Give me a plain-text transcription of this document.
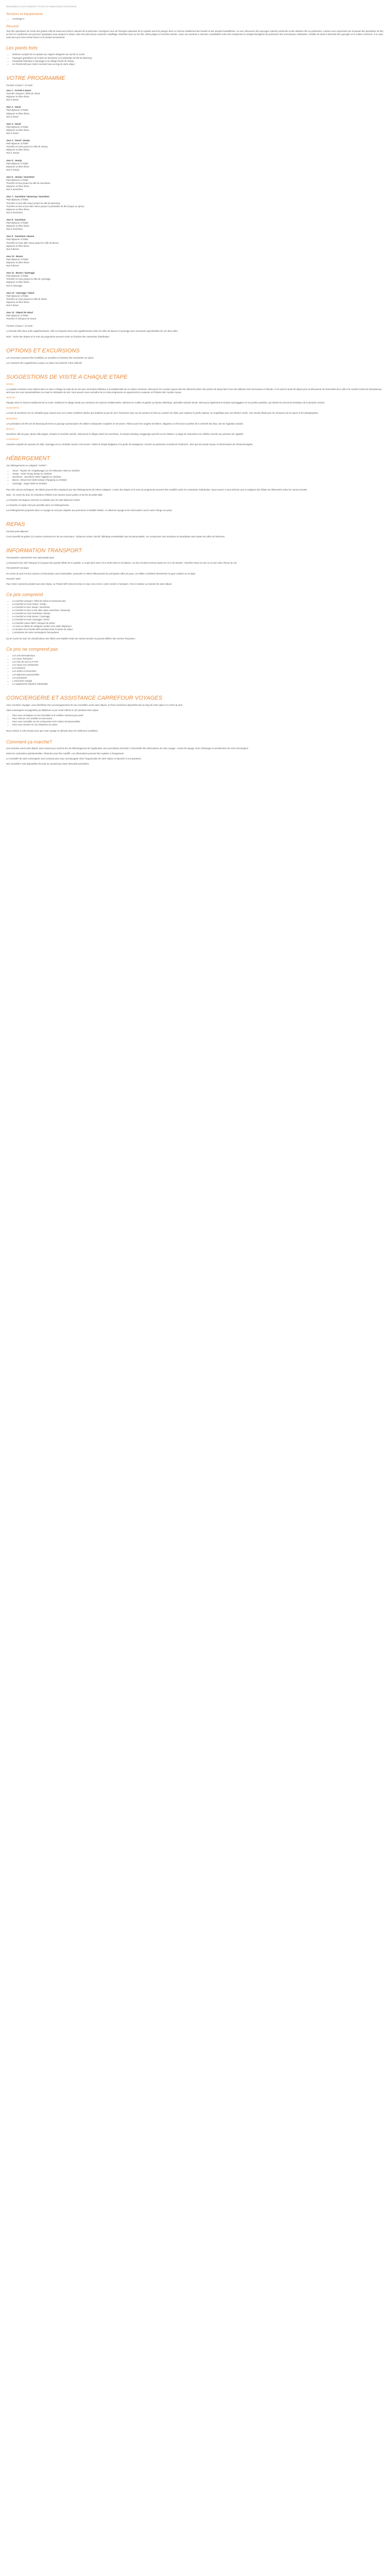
(Description Ce prix comprend / Ce prix ne comprend pas Conversions)

Services et équipements
• Couchage #
Résumé

Tour des splendeurs de Corée des grottes côté de Seoul aux trésors naturels de la péninsule. Imprégnez-vous de l'énergie captivante de la capitale avant de plonger dans ce charme traditionnel des hanoks et des temples bouddhistes. Au sud, découvrez des paysages naturels préservés et des douleurs liés au patrimoine. Laissez-vous surprendre par la beauté des plantations de thé, un livre en randonnée aux parcours aquatiques pour toujours la douce valse des plus beaux souvenirs à Bulletiga. Entredez-vous sur les îles, allant plages et marchés animés, ravoir son aventure à Jeonsan, inoubliables entre des montpemet ce vestige témoignent du patrimoine des ancestrauax civilisations. Profitez de toute la diversité des paysages et la culture coréenne. Il se vous reste plus qu'à vous laisser bercer et la beauté assurément!

Les points forts
• Itinéraire complet de la capitale aux régions éloignées du sud de la Corée
• Paysages grandioses de la baie de Suncheon et la plantation de thé de Boseong
• Escapade historique à Gyeongju et au village hanok de Jeonju
• Un Pochel wifi pour rester connecté tout au long de votre séjour
VOTRE PROGRAMME

Formule 13 jours / 12 nuits :

Jour 1 : Arrivée à Seoul
Transfert aéroport / hôtel de Séoul.
Déjeuner et dîner libres.
Nuit à Seoul.
Jour 2 : Seoul
Petit déjeuner à l'hôtel.
Déjeuner et dîner libres.
Nuit à Seoul.
Jour 3 : Seoul
Petit déjeuner à l'hôtel.
Déjeuner et dîner libres.
Nuit à Seoul.
Jour 4 : Seoul / Jeonju
Petit déjeuner à l'hôtel.
Transfert en train jusqu'à la ville de Jeonju.
Déjeuner et dîner libres.
Nuit à Jeonju.
Jour 5 : Jeonju
Petit déjeuner à l'hôtel.
Déjeuner et dîner libres.
Nuit à Jeonju.
Jour 6 : Jeonju / Suncheon
Petit déjeuner à l'hôtel.
Transfert en bus jusqu'à la ville de Suncheon.
Déjeuner et dîner libres.
Nuit à Suncheon.
Jour 7 : Suncheon / Boseong / Suncheon
Petit déjeuner à l'hôtel.
Transfert en taxi ville-retour jusqu'à la ville de Boseong.
Transfert en bus et taxi aller-retour jusqu'à la plantation de thé (soupir ou Jjeux).
Déjeuner et dîner libres.
Nuit à Suncheon.
Jour 8 : Suncheon
Petit déjeuner à l'hôtel.
Déjeuner et dîner libres.
Nuit à Suncheon.
Jour 9 : Suncheon / Busan
Petit déjeuner à l'hôtel.
Transfert en train aller-retour jusqu'à la ville de Busan.
Déjeuner et dîner libres.
Nuit à Busan.
Jour 10 : Busan
Petit déjeuner à l'hôtel.
Déjeuner et dîner libres.
Nuit à Busan.
Jour 11 : Busan / Gyeongju
Petit déjeuner à l'hôtel.
Transfert en train jusqu'à la ville de Gyeongju.
Déjeuner et dîner libres.
Nuit à Gyeongju.
Jour 12 : Gyeongju / Séoul
Petit déjeuner à l'hôtel.
Transfert en train jusqu'à la ville de Séoul.
Déjeuner et dîner libres.
Nuit à Seoul.
Jour 13 : Départ de Séoul
Petit déjeuner à l'hôtel.
Transfert à l'aéroport de Seoul.

Formule 15 jours / 14 nuits :

La formule offre deux nuits supplémentaires. Elle se compose d'une nuit supplémentaire dans les villes de Busan et Gyeongju avec excursions approfondies de ces deux villes.

Note : l'ordre des étapes et le sens du programme peuvent varier en fonction des contraintes d'attribution.

OPTIONS ET EXCURSIONS

Les excursions peuvent être modifiées ou annulées en fonction des contraintes sur place.

Les montants des suppléments à payer sur place sont donnés à titre indicatif.

SUGGESTIONS DE VISITE A CHAQUE ETAPE

SEOUL :

La capitale coréenne vous séduira dans ce sites à l'étage du style de vie ses plus charmants délicieux à la traditionnelle de sa culture coréenne. Découvrez les 5 palais royaux dont les éléments phare des jardins de Séoul dans l'une des bâtisses d'un harmonieux à l'étendu. Il est aussi le point de départ pour la découverte de l'ensemble de la ville et le marché animé de Namdaemun, ainsi que ses vues époustouflantes sur toute la métropole de nuit. Vous pouvez vous connaître de ce vaste programme en apprenant les coutumes et l'histoire des 5 palais royaux.

JEONJU :

Plongez dans le charme traditionnel de la Corée. Entdécrez le village hanok aux centaines de maisons traditionnelles, sillonnez les ruelles et goûtez au fameux bibimbap, spécialité culinaire locale. Découvrez également le temple Gyeonggijeon et ses jardins paisibles, qui abritent le portrait du fondateur de la dynastie Joseon.

SUNCHEON :

La baie de Suncheon est un véritable joyau naturel avec ses vastes roselières dorées qui ondulent au gré du vent. Promenez-vous sur les pontons en bois au coucher du soleil, puis explorez le jardin national, un magnifique parc aux thèmes variés. Une escale idéale pour les amoureux de la nature et les photographes.

BOSEONG :

Les plantations de thé vert de Boseong forment un paysage spectaculaire de collines verdoyantes sculptées en terrasses. Flânez parmi les rangées de théiers, dégustez un thé local et profitez de la sérénité des lieux, loin de l'agitation urbaine.

BUSAN :

Deuxième ville du pays, Busan allie plages, temples et marchés animés. Découvrez le village coloré de Gamcheon, le temple Haedong Yonggungsa perché sur les falaises, la plage de Haeundae et le célèbre marché aux poissons de Jagalchi.

GYEONGJU :

Ancienne capitale du royaume de Silla, Gyeongju est un véritable musée à ciel ouvert. Visitez le temple Bulguksa et la grotte de Seokguram, classés au patrimoine mondial de l'UNESCO, ainsi que les tumuli royaux et l'observatoire de Cheomseongdae.

HÉBERGEMENT

Vos hébergements en catégorie "confort" :

• Seoul : Toyoko Inn Yongdeungpo ou G9 Hakusaeu Hotel ou similaire
• Jeonju : Hotel Tirung Jeonju ou similaire
• Suncheon : Suncheon Hotel Yeggebe ou similaire
• Busan : Brown Dot Hotel Nampo Chungang ou similaire
• Gyeongju : Sugar hotel ou similaire

Pour des raisons techniques, les hôtels peuvent être remplacés par des hébergements de même catégorie. L'ordre des étapes et le sens du programme peuvent être modifiés selon les contraintes d'attribution. Nous tenons à vous informer que la catégorie des hôtels est déterminée selon les normes locales.

Note : en Corée du Sud, les chambres d'hôtels sont souvent assez petites et les lits de petite taille.

La chambre est toujours réservée en double avec les petit-déjeuners inclus.

La chambre en triple n'est pas possible dans ces hébergements.

Les hébergements proposés dans ce voyage ne sont pas adaptés aux personnes à mobilité réduite. Le détail du voyage et les réservations sont à votre charge sur place.

REPAS

Formule petit déjeuner.

Il est conseillé de goûter à la cuisine coréenne lors de vos excursions : barbecue coréen, kimchi, bibimbap et tteokbokki sont incontournables. Les restaurants sont nombreux et abordables dans toutes les villes de l'itinéraire.

INFORMATION TRANSPORT

TRANSFERT AEROPORT EN LIMOUSINE BUS

La limousine bus relie l'aéroport à la plupart des grands hôtels de la capitale. Le trajet dure entre 1h et 1h30 selon la circulation. Les bus circulent environ toutes les 15 à 30 minutes. Transfert retour en taxi ou en bus selon l'heure du vol.

TRANSPORT EN BUS

En Corée du Sud, les bus express et interurbains sont confortables, ponctuels et relient efficacement les principales villes du pays. Les billets s'achètent directement en gare routière ou en ligne.

POCKET WIFI

Pour rester connecté pendant tout votre séjour, un Pocket WiFi (4G) est inclus et vous sera remis à votre arrivée à l'aéroport. Il est à restituer au moment de votre départ.

Ce prix comprend
• Le transfert aéroport / hôtel de Séoul en limousine bus
• Le transfert en train Séoul / Jeonju
• Le transfert en bus Jeonju / Suncheon
• Le transfert en bus et taxi aller-retour Suncheon / Boseong
• Le transfert en train Suncheon / Busan
• Le transfert en train Busan / Gyeongju
• Le transfert en train Gyeongju / Séoul
• Le transfert retour hôtel / aéroport de Séoul
• 12 nuits en hôtels de catégorie confort avec petits déjeuners
• La location d'un Pocket WiFi pendant toute la durée du séjour
• L'assistance de notre conciergerie francophone

(1) En Corée du Sud, les classifications des hôtels sont établies selon les normes locales et peuvent différer des normes françaises.

Ce prix ne comprend pas
• Les vols internationaux
• Les taxes d'aéroport
• Les frais de visa ou K-ETA
• Les repas non mentionnés
• Les boissons
• Les visites et excursions
• Les dépenses personnelles
• Les pourboires
• L'assurance voyage
• Le supplément chambre individuelle
CONCIERGERIE ET ASSISTANCE CARREFOUR VOYAGES

Avec Carrefour Voyages, vous bénéficiez d'un accompagnement de nos conseillers avant votre départ, et d'une assistance disponible tout au long de votre séjour en Corée du Sud.

Votre conciergerie est joignable par téléphone et par email 24h/24 et 7j/7 pendant votre séjour.

• Pour vous renseigner sur les formalités et le meilleur moment pour partir
• Pour réserver vos activités et excursions
• Pour vous conseiller sur les restaurants et les visites incontournables
• Pour vous assister en cas d'imprévu sur place

Nous restons à votre écoute pour que votre voyage se déroule dans les meilleures conditions.

Comment ça marche?

Une semaine avant votre départ, vous recevez par email le lien de téléchargement de l'application vous permettant d'accéder à l'ensemble des informations de votre voyage : carnet de voyage, bons d'échange et coordonnées de votre conciergerie.

Selon les contraintes opérationnelles, l'itinéraire peut être modifié. Les informations peuvent être sujettes à changement.

Le conseiller de notre conciergerie vous contacte pour vous accompagner dans l'organisation de votre séjour et répondre à vos questions.

Nos conseillers sont disponibles du lundi au samedi pour toute demande particulière.
